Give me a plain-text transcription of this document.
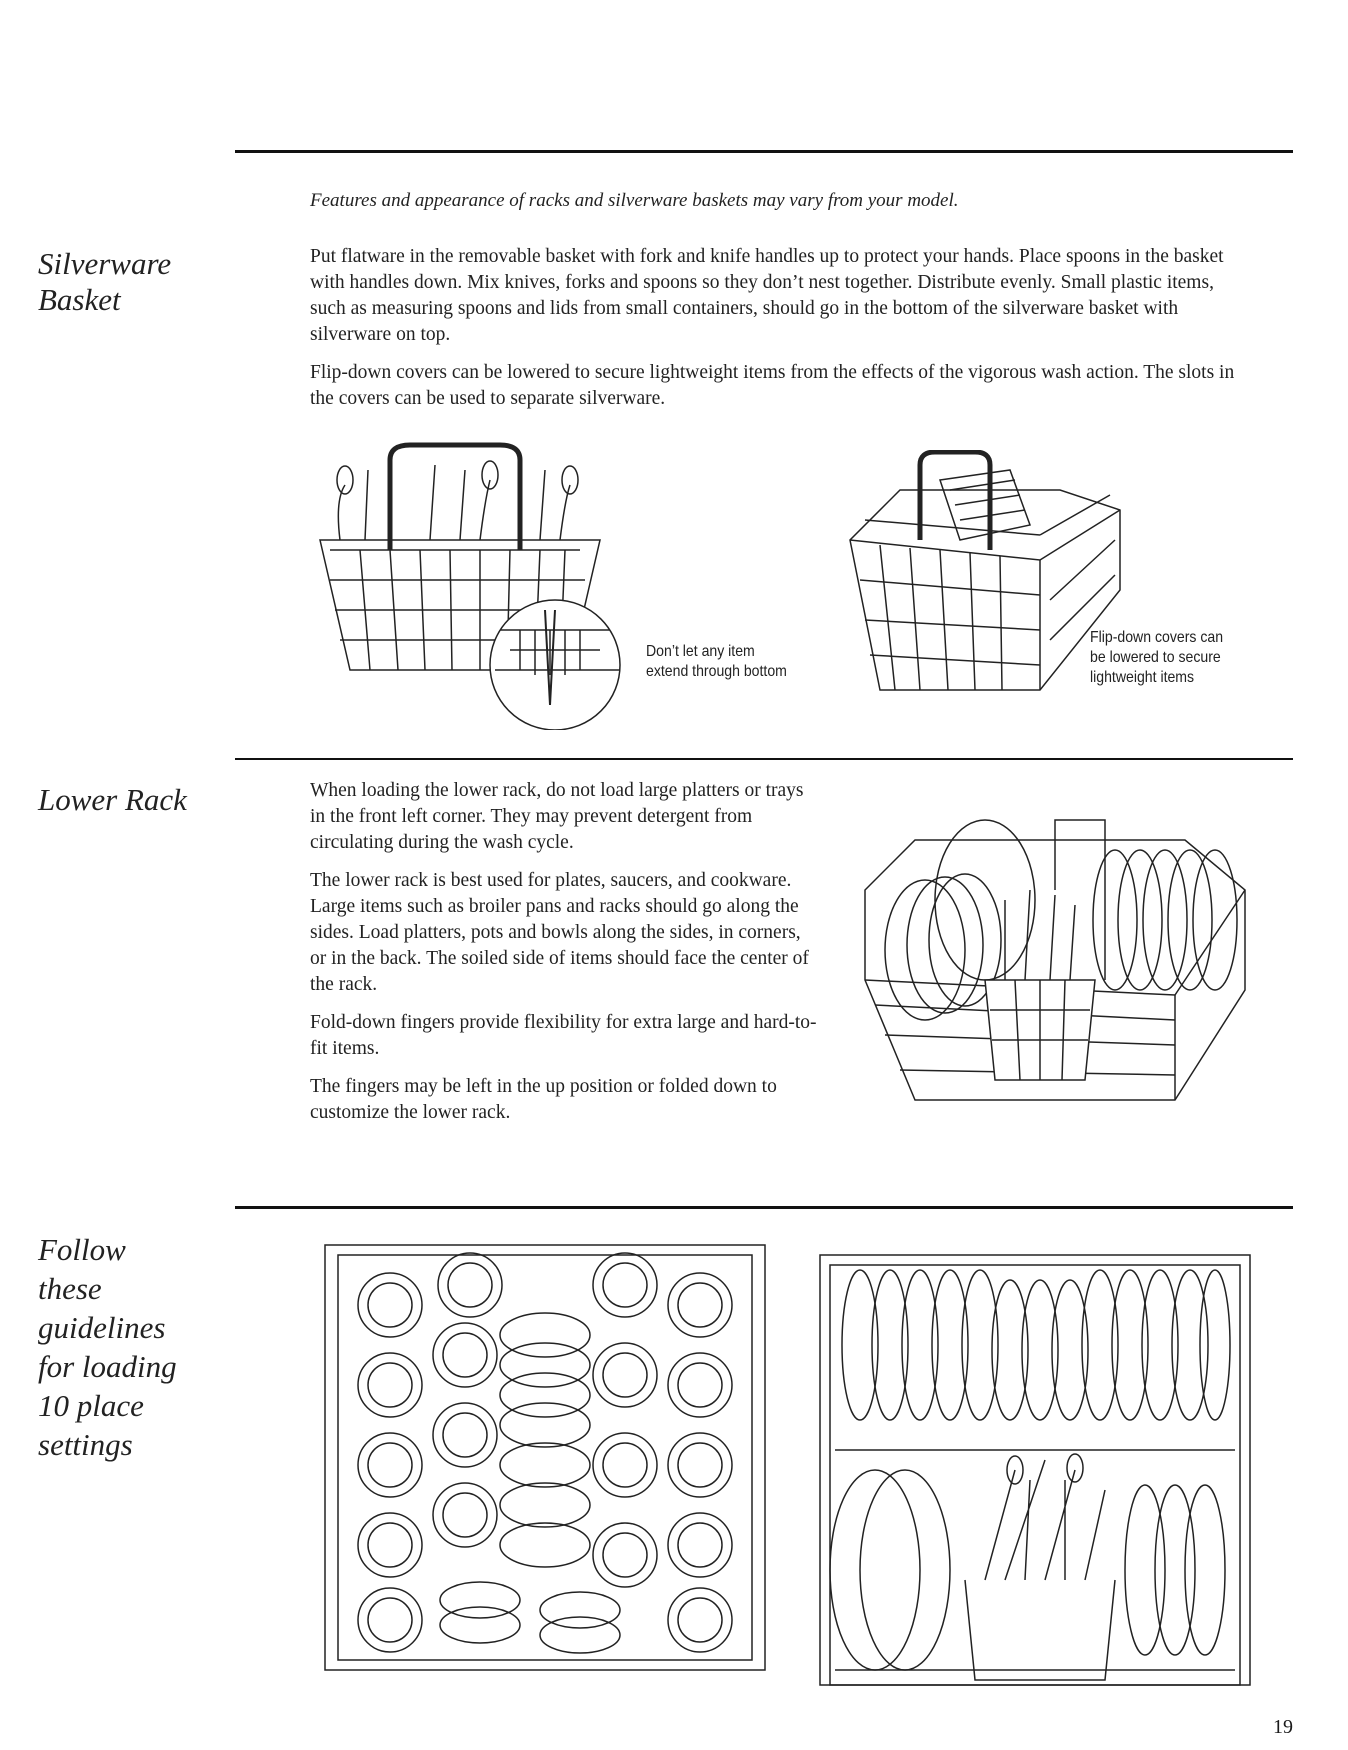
Features and appearance of racks and silverware baskets may vary from your model.
Silverware
Basket

Put flatware in the removable basket with fork and knife handles up to protect your hands. Place spoons in the basket with handles down. Mix knives, forks and spoons so they don’t nest together. Distribute evenly. Small plastic items, such as measuring spoons and lids from small containers, should go in the bottom of the silverware basket with silverware on top.

Flip-down covers can be lowered to secure lightweight items from the effects of the vigorous wash action. The slots in the covers can be used to separate silverware.

Don’t let any item
extend through bottom
Flip-down covers can
be lowered to secure
lightweight items
Lower Rack	When loading the lower rack, do not load large platters or trays in the front left corner. They may prevent detergent from circulating during the wash cycle.

The lower rack is best used for plates, saucers, and cookware. Large items such as broiler pans and racks should go along the sides. Load platters, pots and bowls along the sides, in corners, or in the back. The soiled side of items should face the center of the rack.

Fold-down fingers provide flexibility for extra large and hard-to-fit items.

The fingers may be left in the up position or folded down to customize the lower rack.

Follow
these
guidelines
for loading
10 place
settings
19
